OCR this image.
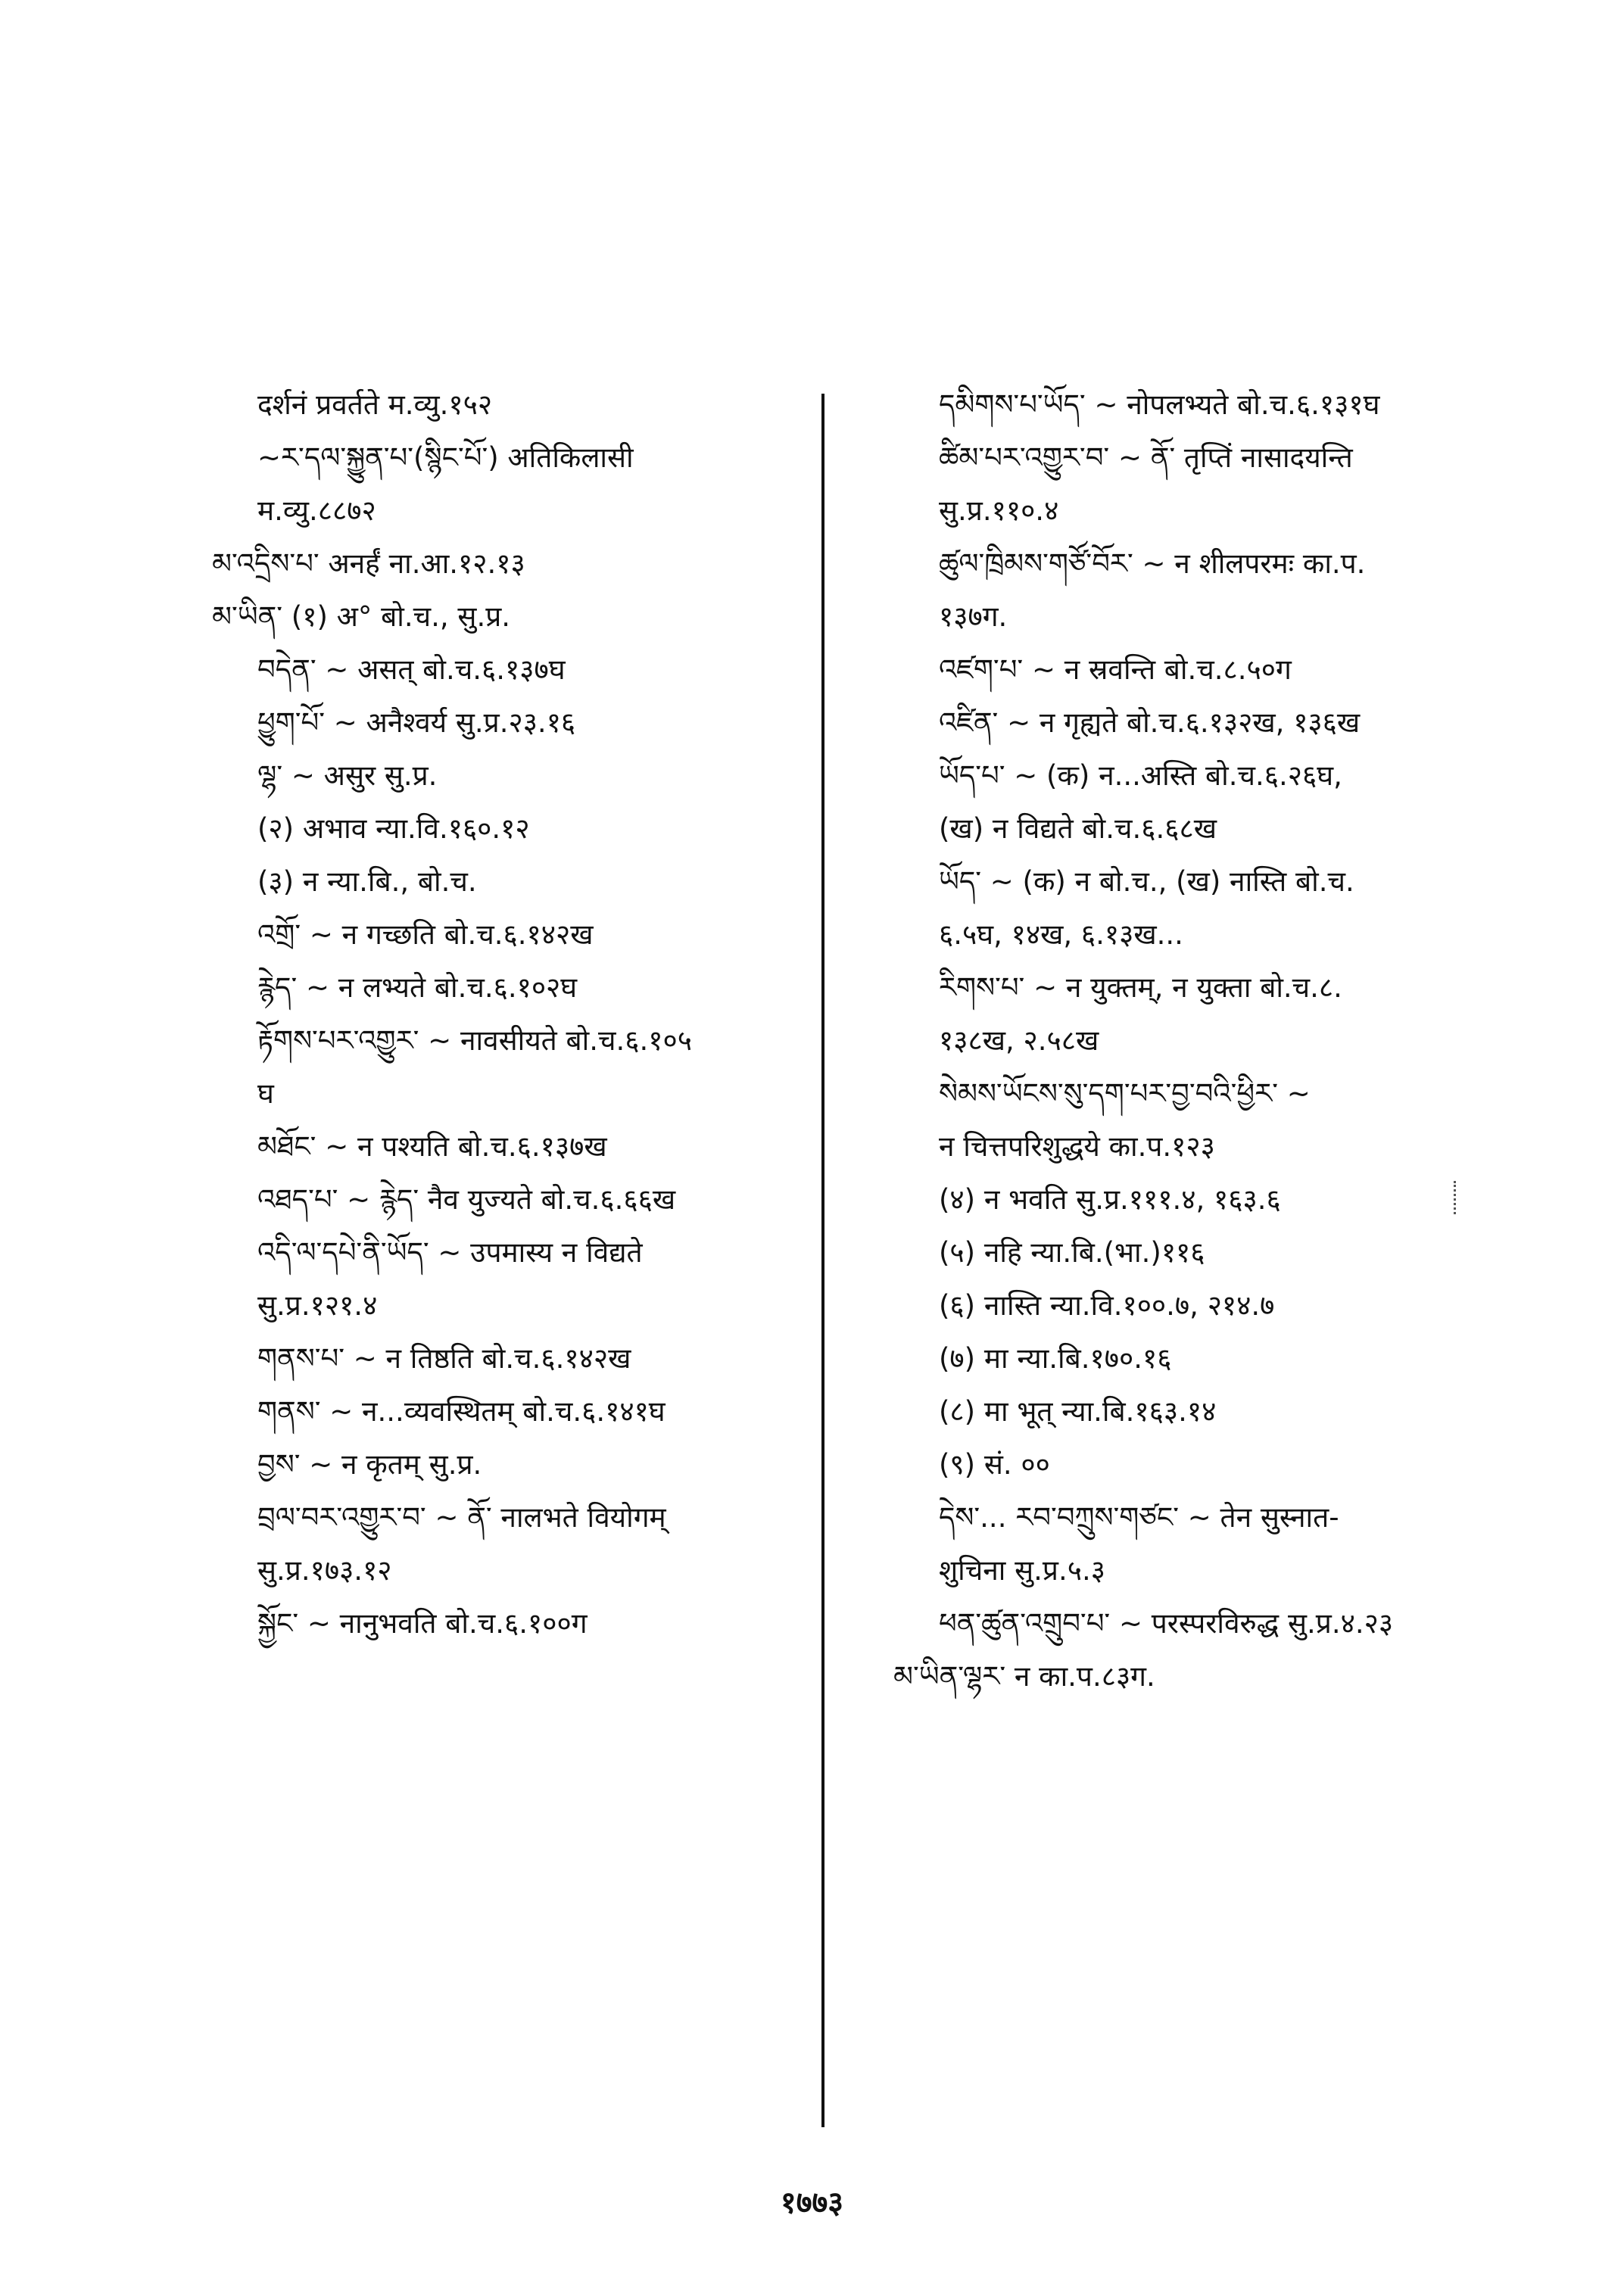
दर्शनं प्रवर्तते म.व्यु.१५२
~ར་དལ་སྐྱུན་པ་(སྙིང་པོ་) अतिकिलासी
म.व्यु.८८७२
མ་འདྲིས་པ་ अनर्हं ना.आ.१२.१३
མ་ཡིན་ (१) अ° बो.च., सु.प्र.
བདེན་ ~ असत् बो.च.६.१३७घ
ཕྱུག་པོ་ ~ अनैश्वर्य सु.प्र.२३.१६
ལྷ་ ~ असुर सु.प्र.
(२) अभाव न्या.वि.१६०.१२
(३) न न्या.बि., बो.च.
འགྲོ་ ~ न गच्छति बो.च.६.१४२ख
རྙེད་ ~ न लभ्यते बो.च.६.१०२घ
རྟོགས་པར་འགྱུར་ ~ नावसीयते बो.च.६.१०५
घ
མཐོང་ ~ न पश्यति बो.च.६.१३७ख
འཐད་པ་ ~ རྙེད་ नैव युज्यते बो.च.६.६६ख
འདི་ལ་དཔེ་ནི་ཡོད་ ~ उपमास्य न विद्यते
सु.प्र.१२१.४
གནས་པ་ ~ न तिष्ठति बो.च.६.१४२ख
གནས་ ~ न...व्यवस्थितम् बो.च.६.१४१घ
བྱས་ ~ न कृतम् सु.प्र.
བྲལ་བར་འགྱུར་བ་ ~ ནོ་ नालभते वियोगम्
सु.प्र.१७३.१२
སྐྱོང་ ~ नानुभवति बो.च.६.१००ग
དམིགས་པ་ཡོད་ ~ नोपलभ्यते बो.च.६.१३१घ
ཚིམ་པར་འགྱུར་བ་ ~ ནོ་ तृप्तिं नासादयन्ति
सु.प्र.११०.४
ཚུལ་ཁྲིམས་གཙོ་བོར་ ~ न शीलपरमः का.प.
१३७ग.
འཛག་པ་ ~ न स्रवन्ति बो.च.८.५०ग
འཛིན་ ~ न गृह्यते बो.च.६.१३२ख, १३६ख
ཡོད་པ་ ~ (क) न...अस्ति बो.च.६.२६घ,
(ख) न विद्यते बो.च.६.६८ख
ཡོད་ ~ (क) न बो.च., (ख) नास्ति बो.च.
६.५घ, १४ख, ६.१३ख...
རིགས་པ་ ~ न युक्तम्, न युक्ता बो.च.८.
१३८ख, २.५८ख
སེམས་ཡོངས་སུ་དག་པར་བྱ་བའི་ཕྱིར་ ~
न चित्तपरिशुद्धये का.प.१२३
(४) न भवति सु.प्र.१११.४, १६३.६
(५) नहि न्या.बि.(भा.)११६
(६) नास्ति न्या.वि.१००.७, २१४.७
(७) मा न्या.बि.१७०.१६
(८) मा भूत् न्या.बि.१६३.१४
(९) सं. ००
དེས་... རབ་བཀྲུས་གཙང་ ~ तेन सुस्नात-
शुचिना सु.प्र.५.३
ཕན་ཚུན་འགྲུབ་པ་ ~ परस्परविरुद्ध सु.प्र.४.२३
མ་ཡིན་ལྷར་ न का.प.८३ग.
१७७३
